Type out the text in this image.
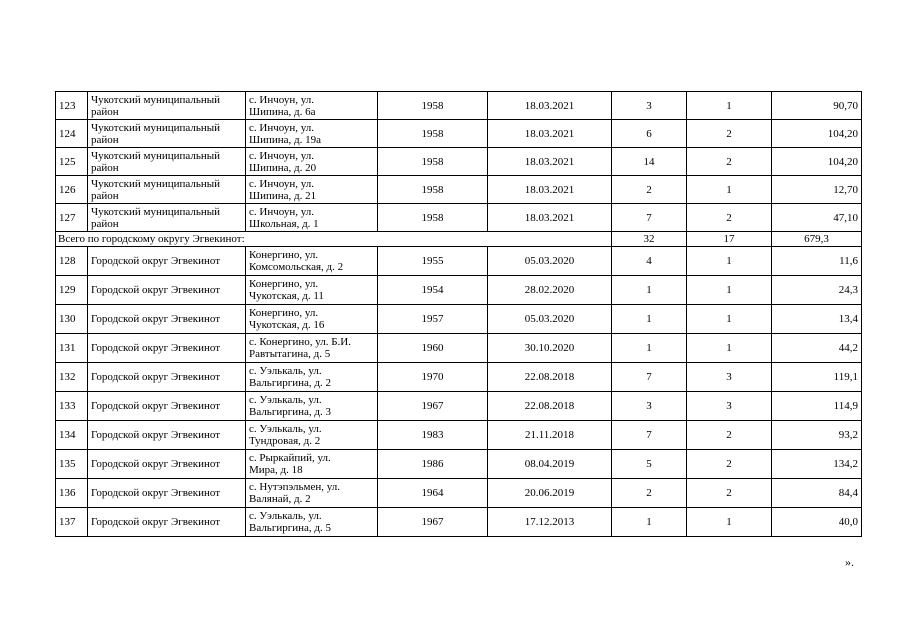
123	Чукотский муниципальный район	с. Инчоун, ул.
Шипина, д. 6а	1958	18.03.2021	3	1	90,70
124	Чукотский муниципальный район	с. Инчоун, ул.
Шипина, д. 19а	1958	18.03.2021	6	2	104,20
125	Чукотский муниципальный район	с. Инчоун, ул.
Шипина, д. 20	1958	18.03.2021	14	2	104,20
126	Чукотский муниципальный район	с. Инчоун, ул.
Шипина, д. 21	1958	18.03.2021	2	1	12,70
127	Чукотский муниципальный район	с. Инчоун, ул.
Школьная, д. 1	1958	18.03.2021	7	2	47,10
Всего по городскому округу Эгвекинот:					32	17	679,3
128	Городской округ Эгвекинот	Конергино, ул.
Комсомольская, д. 2	1955	05.03.2020	4	1	11,6
129	Городской округ Эгвекинот	Конергино, ул.
Чукотская, д. 11	1954	28.02.2020	1	1	24,3
130	Городской округ Эгвекинот	Конергино, ул.
Чукотская, д. 16	1957	05.03.2020	1	1	13,4
131	Городской округ Эгвекинот	с. Конергино, ул. Б.И.
Равтытагина, д. 5	1960	30.10.2020	1	1	44,2
132	Городской округ Эгвекинот	с. Уэлькаль, ул.
Вальгиргина, д. 2	1970	22.08.2018	7	3	119,1
133	Городской округ Эгвекинот	с. Уэлькаль, ул.
Вальгиргина, д. 3	1967	22.08.2018	3	3	114,9
134	Городской округ Эгвекинот	с. Уэлькаль, ул.
Тундровая, д. 2	1983	21.11.2018	7	2	93,2
135	Городской округ Эгвекинот	с. Рыркайпий, ул.
Мира, д. 18	1986	08.04.2019	5	2	134,2
136	Городской округ Эгвекинот	с. Нутэпэльмен, ул.
Валянай, д. 2	1964	20.06.2019	2	2	84,4
137	Городской округ Эгвекинот	с. Уэлькаль, ул.
Вальгиргина, д. 5	1967	17.12.2013	1	1	40,0
».
